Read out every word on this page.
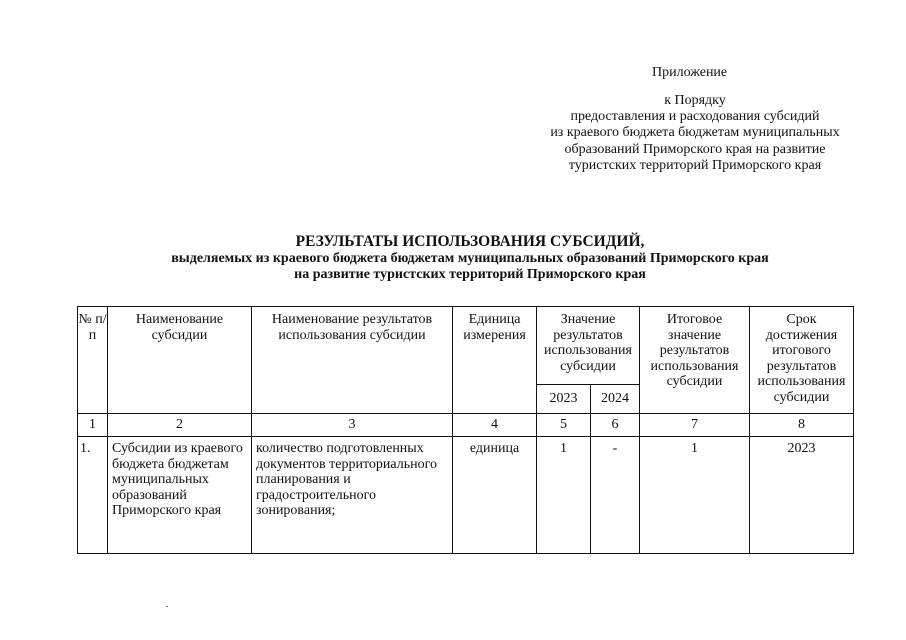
Приложение
к Порядку
предоставления и расходования субсидий
из краевого бюджета бюджетам муниципальных
образований Приморского края на развитие
туристских территорий Приморского края
РЕЗУЛЬТАТЫ ИСПОЛЬЗОВАНИЯ СУБСИДИЙ,
выделяемых из краевого бюджета бюджетам муниципальных образований Приморского края
на развитие туристских территорий Приморского края
№ п/п	Наименование субсидии	Наименование результатов использования субсидии	Единица измерения	Значение результатов использования субсидии		Итоговое значение результатов использования субсидии	Срок достижения итогового результатов использования субсидии
				2023	2024		
1	2	3	4	5	6	7	8
1.	Субсидии из краевого бюджета бюджетам муниципальных образований Приморского края	количество подготовленных документов территориального планирования и градостроительного зонирования;	единица	1	-	1	2023
